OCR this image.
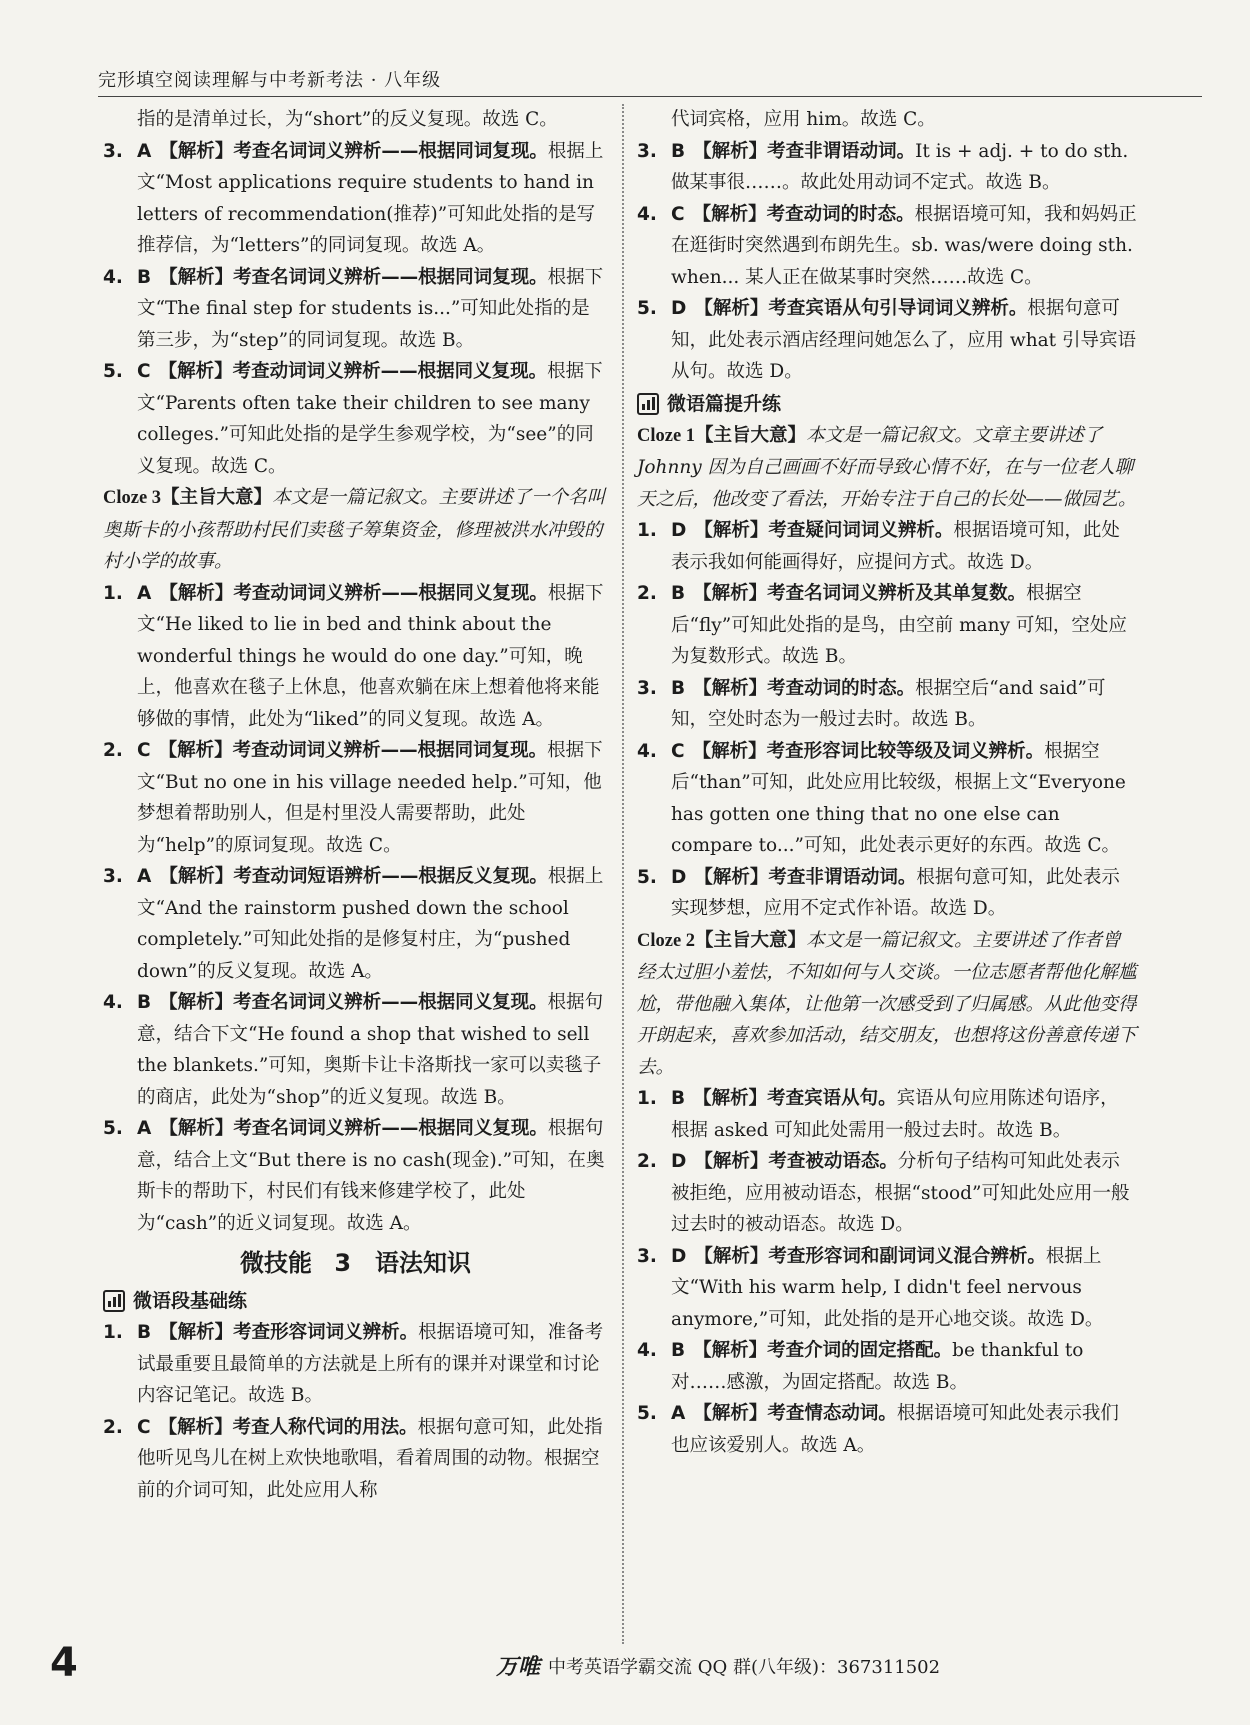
完形填空阅读理解与中考新考法 · 八年级
指的是清单过长，为“short”的反义复现。故选 C。
3. A 【解析】考查名词词义辨析——根据同词复现。根据上文“Most applications require students to hand in letters of recommendation(推荐)”可知此处指的是写推荐信，为“letters”的同词复现。故选 A。
4. B 【解析】考查名词词义辨析——根据同词复现。根据下文“The final step for students is...”可知此处指的是第三步，为“step”的同词复现。故选 B。
5. C 【解析】考查动词词义辨析——根据同义复现。根据下文“Parents often take their children to see many colleges.”可知此处指的是学生参观学校，为“see”的同义复现。故选 C。
Cloze 3【主旨大意】本文是一篇记叙文。主要讲述了一个名叫奥斯卡的小孩帮助村民们卖毯子筹集资金，修理被洪水冲毁的村小学的故事。
1. A 【解析】考查动词词义辨析——根据同义复现。根据下文“He liked to lie in bed and think about the wonderful things he would do one day.”可知，晚上，他喜欢在毯子上休息，他喜欢躺在床上想着他将来能够做的事情，此处为“liked”的同义复现。故选 A。
2. C 【解析】考查动词词义辨析——根据同词复现。根据下文“But no one in his village needed help.”可知，他梦想着帮助别人，但是村里没人需要帮助，此处为“help”的原词复现。故选 C。
3. A 【解析】考查动词短语辨析——根据反义复现。根据上文“And the rainstorm pushed down the school completely.”可知此处指的是修复村庄，为“pushed down”的反义复现。故选 A。
4. B 【解析】考查名词词义辨析——根据同义复现。根据句意，结合下文“He found a shop that wished to sell the blankets.”可知，奥斯卡让卡洛斯找一家可以卖毯子的商店，此处为“shop”的近义复现。故选 B。
5. A 【解析】考查名词词义辨析——根据同义复现。根据句意，结合上文“But there is no cash(现金).”可知，在奥斯卡的帮助下，村民们有钱来修建学校了，此处为“cash”的近义词复现。故选 A。
微技能 3　语法知识
微语段基础练
1. B 【解析】考查形容词词义辨析。根据语境可知，准备考试最重要且最简单的方法就是上所有的课并对课堂和讨论内容记笔记。故选 B。
2. C 【解析】考查人称代词的用法。根据句意可知，此处指他听见鸟儿在树上欢快地歌唱，看着周围的动物。根据空前的介词可知，此处应用人称
代词宾格，应用 him。故选 C。
3. B 【解析】考查非谓语动词。It is + adj. + to do sth. 做某事很……。故此处用动词不定式。故选 B。
4. C 【解析】考查动词的时态。根据语境可知，我和妈妈正在逛街时突然遇到布朗先生。sb. was/were doing sth. when... 某人正在做某事时突然……故选 C。
5. D 【解析】考查宾语从句引导词词义辨析。根据句意可知，此处表示酒店经理问她怎么了，应用 what 引导宾语从句。故选 D。
微语篇提升练
Cloze 1【主旨大意】本文是一篇记叙文。文章主要讲述了 Johnny 因为自己画画不好而导致心情不好，在与一位老人聊天之后，他改变了看法，开始专注于自己的长处——做园艺。
1. D 【解析】考查疑问词词义辨析。根据语境可知，此处表示我如何能画得好，应提问方式。故选 D。
2. B 【解析】考查名词词义辨析及其单复数。根据空后“fly”可知此处指的是鸟，由空前 many 可知，空处应为复数形式。故选 B。
3. B 【解析】考查动词的时态。根据空后“and said”可知，空处时态为一般过去时。故选 B。
4. C 【解析】考查形容词比较等级及词义辨析。根据空后“than”可知，此处应用比较级，根据上文“Everyone has gotten one thing that no one else can compare to...”可知，此处表示更好的东西。故选 C。
5. D 【解析】考查非谓语动词。根据句意可知，此处表示实现梦想，应用不定式作补语。故选 D。
Cloze 2【主旨大意】本文是一篇记叙文。主要讲述了作者曾经太过胆小羞怯，不知如何与人交谈。一位志愿者帮他化解尴尬，带他融入集体，让他第一次感受到了归属感。从此他变得开朗起来，喜欢参加活动，结交朋友，也想将这份善意传递下去。
1. B 【解析】考查宾语从句。宾语从句应用陈述句语序，根据 asked 可知此处需用一般过去时。故选 B。
2. D 【解析】考查被动语态。分析句子结构可知此处表示被拒绝，应用被动语态，根据“stood”可知此处应用一般过去时的被动语态。故选 D。
3. D 【解析】考查形容词和副词词义混合辨析。根据上文“With his warm help, I didn't feel nervous anymore,”可知，此处指的是开心地交谈。故选 D。
4. B 【解析】考查介词的固定搭配。be thankful to 对……感激，为固定搭配。故选 B。
5. A 【解析】考查情态动词。根据语境可知此处表示我们也应该爱别人。故选 A。
4	万唯 中考英语学霸交流 QQ 群(八年级)：367311502
